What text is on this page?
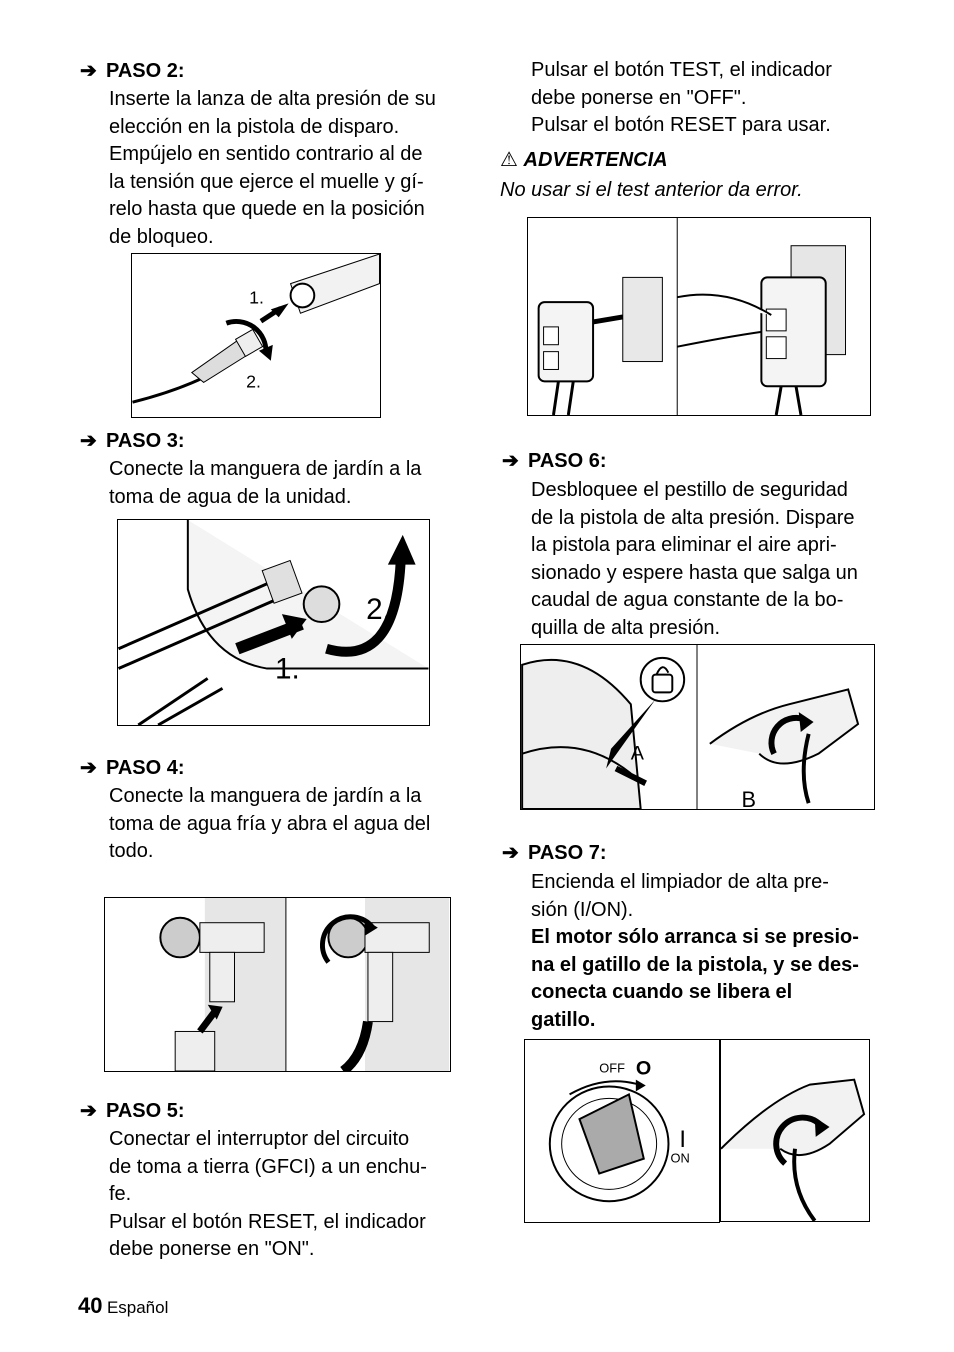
➔ PASO 2:
Inserte la lanza de alta presión de su
elección en la pistola de disparo.
Empújelo en sentido contrario al de
la tensión que ejerce el muelle y gí-
relo hasta que quede en la posición
de bloqueo.
1.
2.
➔ PASO 3:
Conecte la manguera de jardín a la
toma de agua de la unidad.
1.
2.
➔ PASO 4:
Conecte la manguera de jardín a la
toma de agua fría y abra el agua del
todo.
➔ PASO 5:
Conectar el interruptor del circuito
de toma a tierra (GFCI) a un enchu-
fe.
Pulsar el botón RESET, el indicador
debe ponerse en "ON".
Pulsar el botón TEST, el indicador
debe ponerse en "OFF".
Pulsar el botón RESET para usar.
⚠ ADVERTENCIA
No usar si el test anterior da error.
➔ PASO 6:
Desbloquee el pestillo de seguridad
de la pistola de alta presión. Dispare
la pistola para eliminar el aire apri-
sionado y espere hasta que salga un
caudal de agua constante de la bo-
quilla de alta presión.
A
B
➔ PASO 7:
Encienda el limpiador de alta pre-
sión (I/ON).
El motor sólo arranca si se presio-
na el gatillo de la pistola, y se des-
conecta cuando se libera el
gatillo.
OFF O
I
ON
40 Español
